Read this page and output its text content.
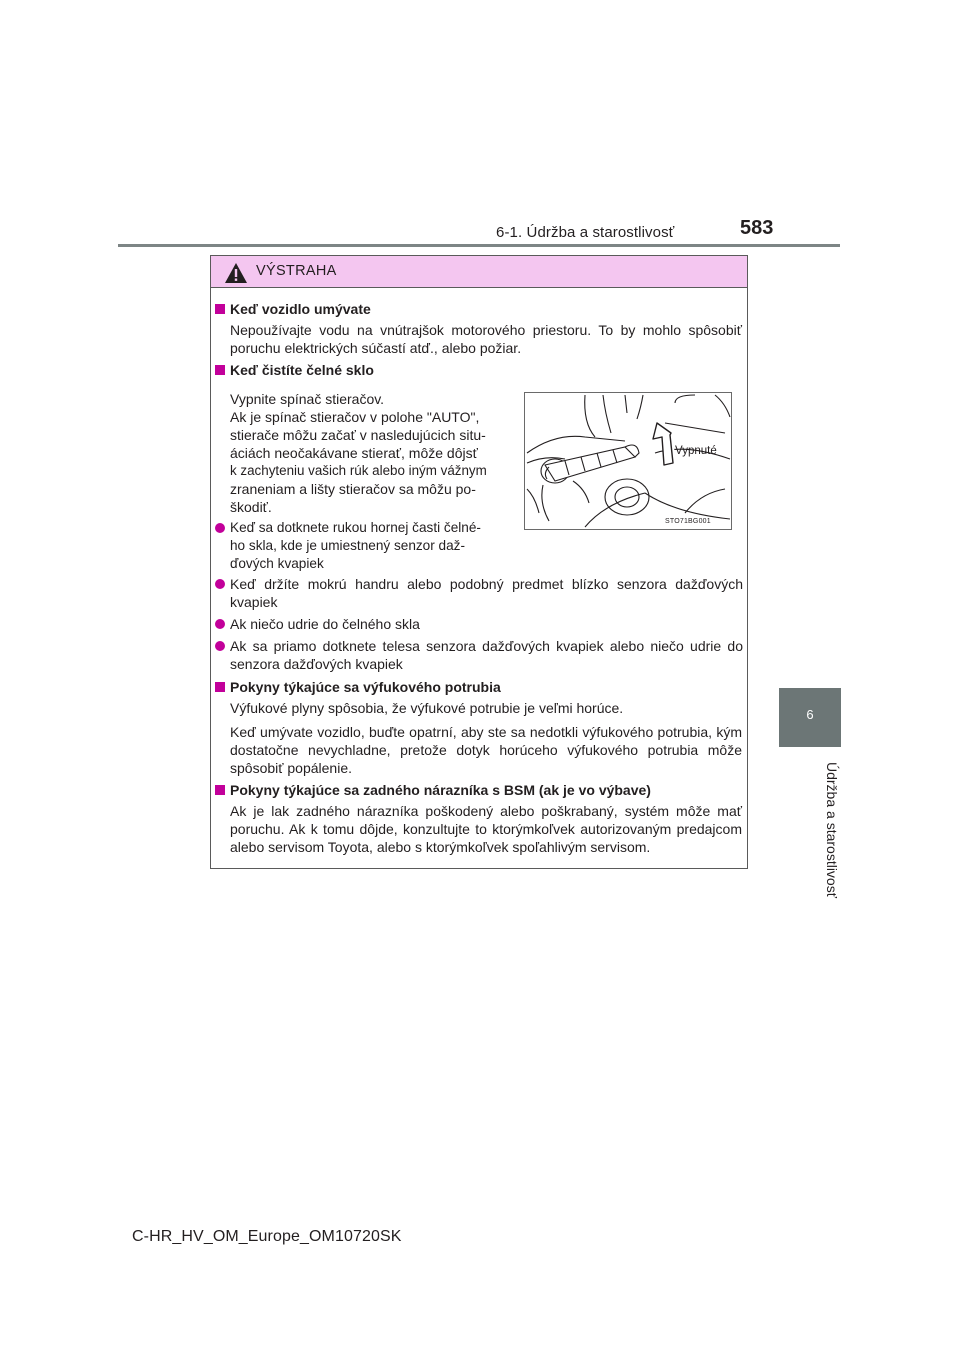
6-1. Údržba a starostlivosť	583
6
Údržba a starostlivosť
VÝSTRAHA
Keď vozidlo umývate
Nepoužívajte vodu na vnútrajšok motorového priestoru. To by mohlo spôsobiť poruchu elektrických súčastí atď., alebo požiar.
Keď čistíte čelné sklo
Vypnite spínač stieračov.
Ak je spínač stieračov v polohe "AUTO",
stierače môžu začať v nasledujúcich situ-
áciách neočakávane stierať, môže dôjsť
k zachyteniu vašich rúk alebo iným vážnym
zraneniam a lišty stieračov sa môžu po-
škodiť.
Keď sa dotknete rukou hornej časti čelné-
ho skla, kde je umiestnený senzor daž-
ďových kvapiek
Keď držíte mokrú handru alebo podobný predmet blízko senzora dažďových kvapiek
Ak niečo udrie do čelného skla
Ak sa priamo dotknete telesa senzora dažďových kvapiek alebo niečo udrie do senzora dažďových kvapiek
Vypnuté
STO71BG001
Pokyny týkajúce sa výfukového potrubia
Výfukové plyny spôsobia, že výfukové potrubie je veľmi horúce.
Keď umývate vozidlo, buďte opatrní, aby ste sa nedotkli výfukového potrubia, kým dostatočne nevychladne, pretože dotyk horúceho výfukového potrubia môže spôsobiť popálenie.
Pokyny týkajúce sa zadného nárazníka s BSM (ak je vo výbave)
Ak je lak zadného nárazníka poškodený alebo poškrabaný, systém môže mať poruchu. Ak k tomu dôjde, konzultujte to ktorýmkoľvek autorizovaným predajcom alebo servisom Toyota, alebo s ktorýmkoľvek spoľahlivým servisom.
C-HR_HV_OM_Europe_OM10720SK
